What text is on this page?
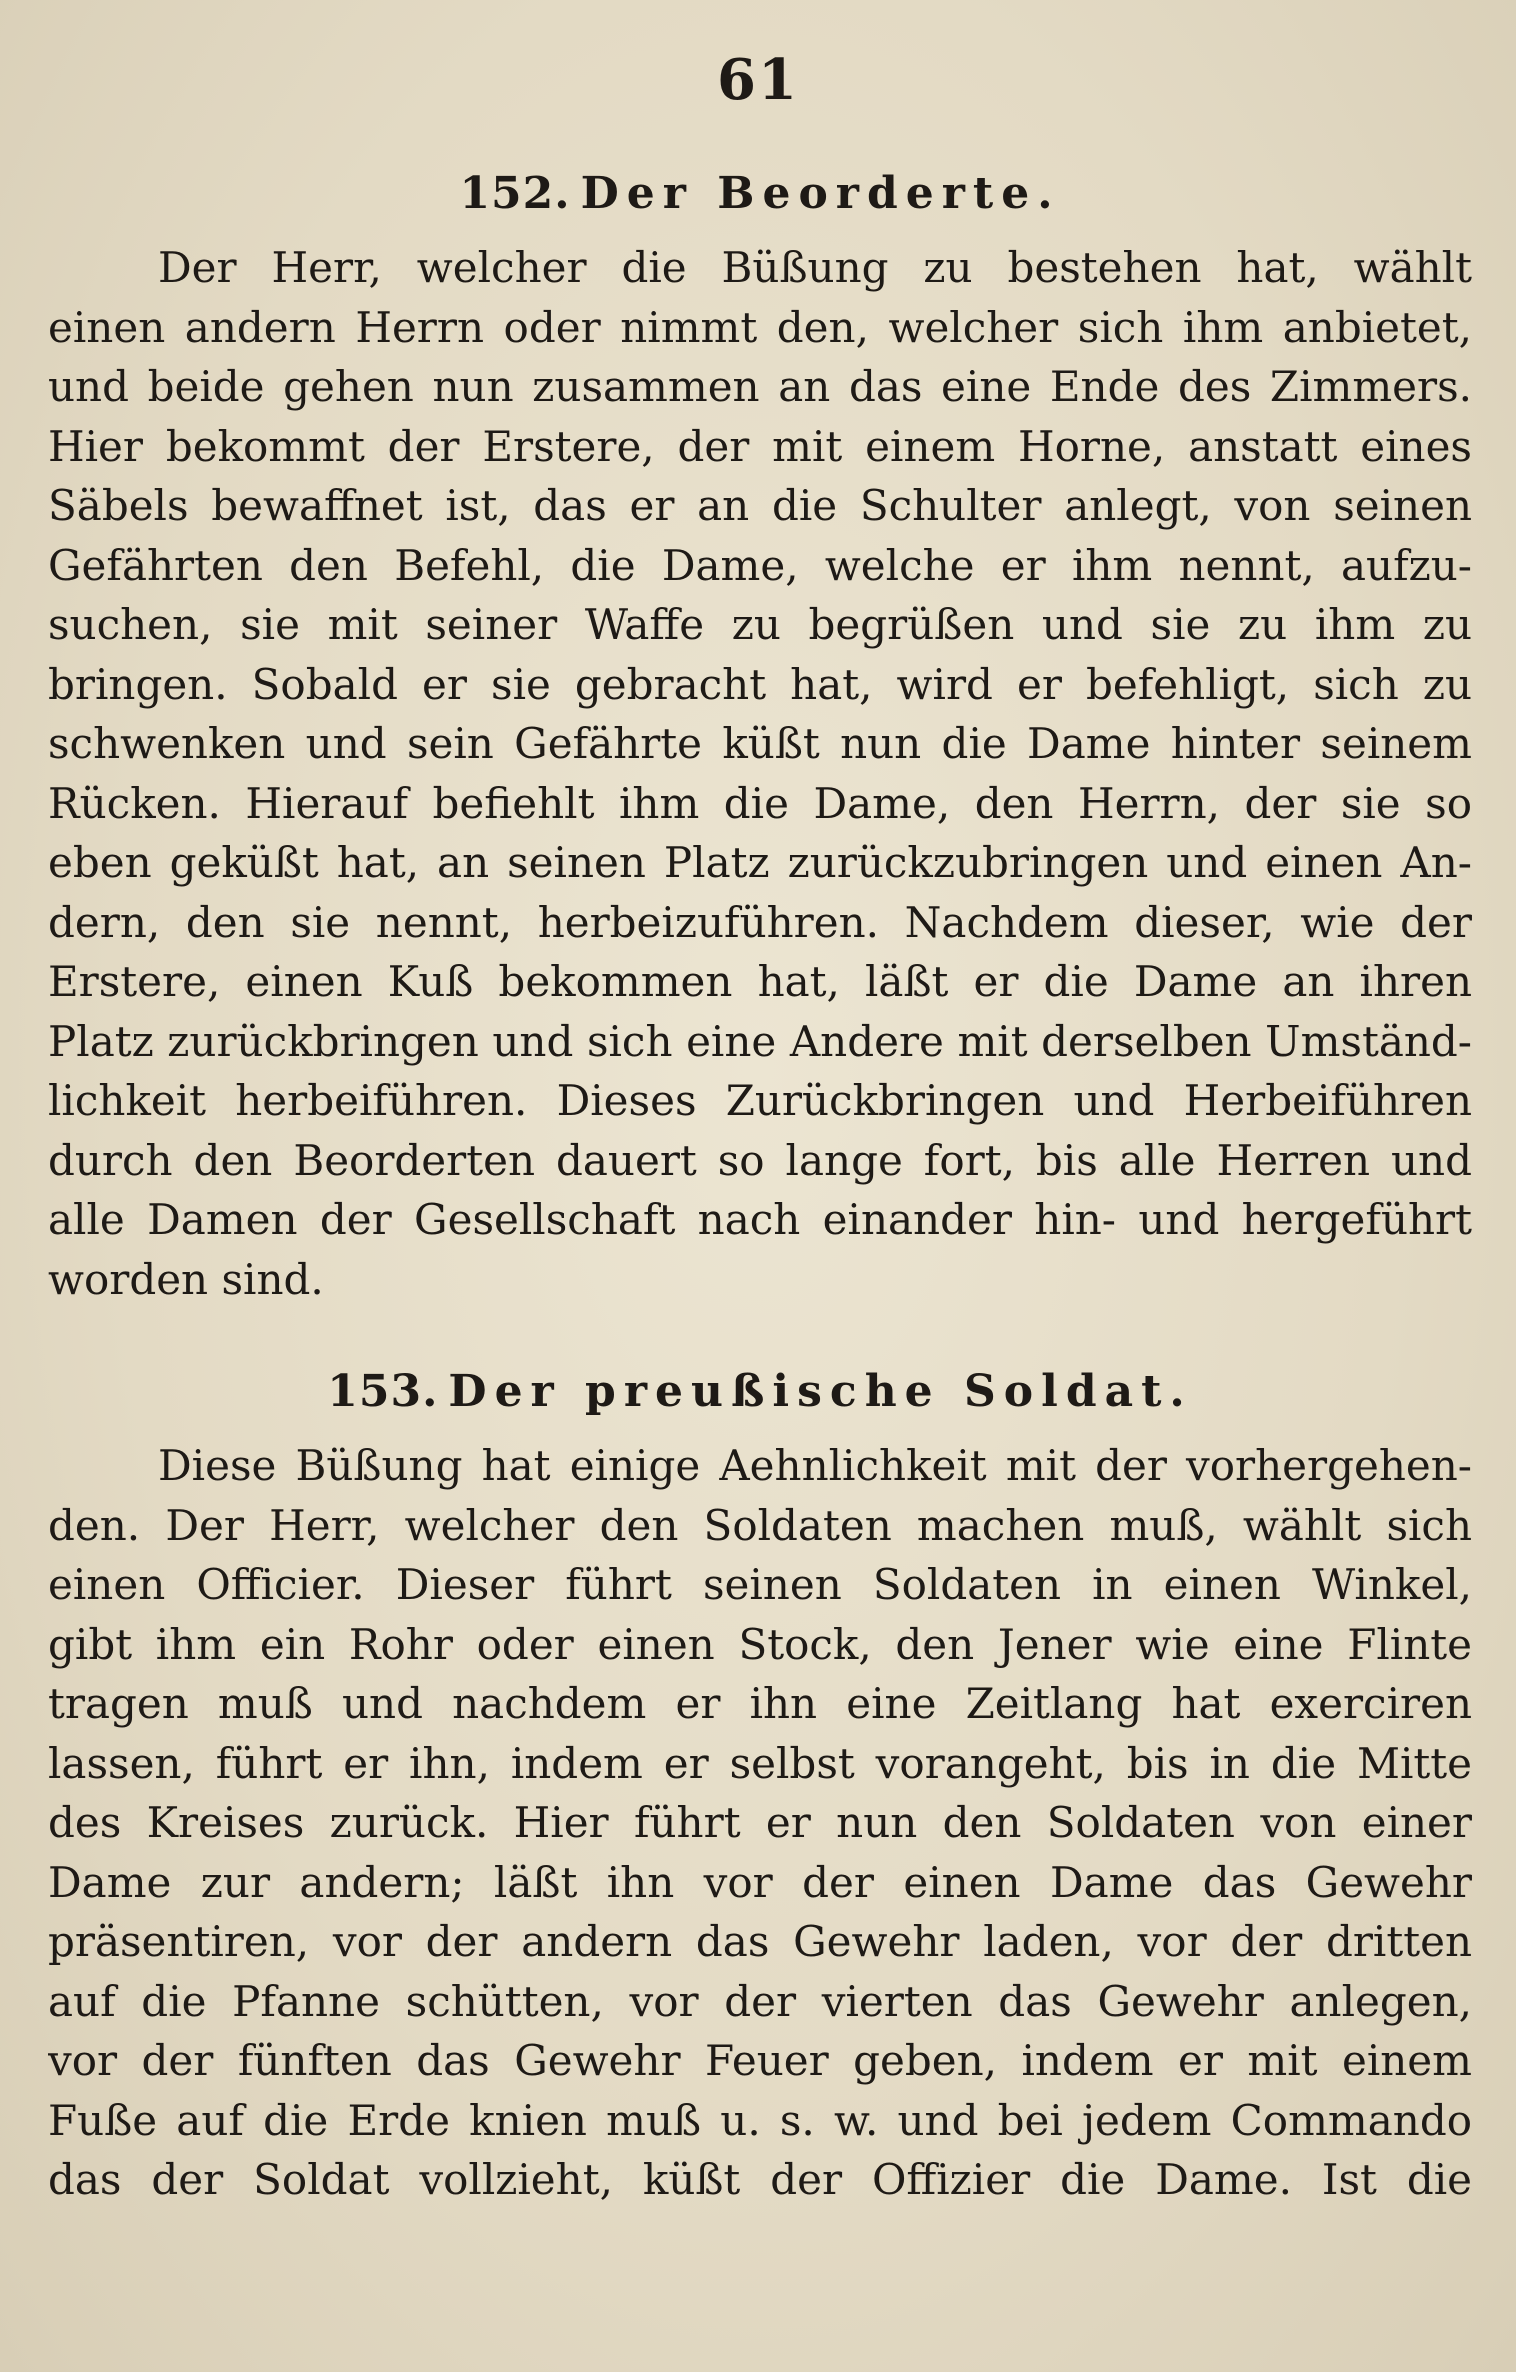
61
152. Der Beorderte.
Der Herr, welcher die Büßung zu bestehen hat, wählt
einen andern Herrn oder nimmt den, welcher sich ihm anbietet,
und beide gehen nun zusammen an das eine Ende des Zimmers.
Hier bekommt der Erstere, der mit einem Horne, anstatt eines
Säbels bewaffnet ist, das er an die Schulter anlegt, von seinen
Gefährten den Befehl, die Dame, welche er ihm nennt, aufzu-
suchen, sie mit seiner Waffe zu begrüßen und sie zu ihm zu
bringen. Sobald er sie gebracht hat, wird er befehligt, sich zu
schwenken und sein Gefährte küßt nun die Dame hinter seinem
Rücken. Hierauf befiehlt ihm die Dame, den Herrn, der sie so
eben geküßt hat, an seinen Platz zurückzubringen und einen An-
dern, den sie nennt, herbeizuführen. Nachdem dieser, wie der
Erstere, einen Kuß bekommen hat, läßt er die Dame an ihren
Platz zurückbringen und sich eine Andere mit derselben Umständ-
lichkeit herbeiführen. Dieses Zurückbringen und Herbeiführen
durch den Beorderten dauert so lange fort, bis alle Herren und
alle Damen der Gesellschaft nach einander hin- und hergeführt
worden sind.
153. Der preußische Soldat.
Diese Büßung hat einige Aehnlichkeit mit der vorhergehen-
den. Der Herr, welcher den Soldaten machen muß, wählt sich
einen Officier. Dieser führt seinen Soldaten in einen Winkel,
gibt ihm ein Rohr oder einen Stock, den Jener wie eine Flinte
tragen muß und nachdem er ihn eine Zeitlang hat exerciren
lassen, führt er ihn, indem er selbst vorangeht, bis in die Mitte
des Kreises zurück. Hier führt er nun den Soldaten von einer
Dame zur andern; läßt ihn vor der einen Dame das Gewehr
präsentiren, vor der andern das Gewehr laden, vor der dritten
auf die Pfanne schütten, vor der vierten das Gewehr anlegen,
vor der fünften das Gewehr Feuer geben, indem er mit einem
Fuße auf die Erde knien muß u. s. w. und bei jedem Commando
das der Soldat vollzieht, küßt der Offizier die Dame. Ist die
